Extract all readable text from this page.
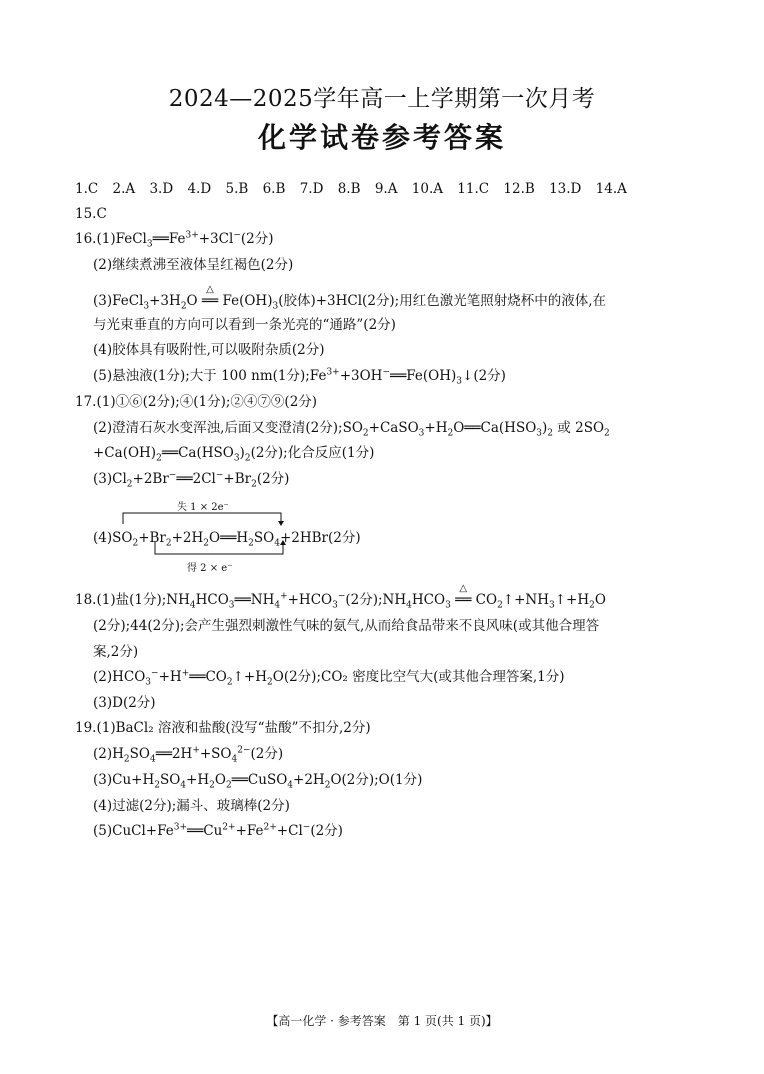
2024—2025学年高一上学期第一次月考
化学试卷参考答案
1.C 2.A 3.D 4.D 5.B 6.B 7.D 8.B 9.A 10.A 11.C 12.B 13.D 14.A
15.C
$16.(1)FeCl_3══Fe^{3+}+3Cl^-(2$分)
(2)继续煮沸至液体呈红褐色(2分)
$(3)FeCl_3+3H_2O$
△
══ $Fe(OH)_3$(胶体)+3HCl(2分);用红色激光笔照射烧杯中的液体,在
与光束垂直的方向可以看到一条光亮的“通路”(2分)
(4)胶体具有吸附性,可以吸附杂质(2分)
(5)悬浊液(1分);大于 100 nm(1分)$;Fe^{3+}+3OH^-══Fe(OH)_3↓(2$分)
17.(1)①⑥(2分);④(1分);②④⑦⑨(2分)
(2)澄清石灰水变浑浊,后面又变澄清(2分)$;SO_2+CaSO_3+H_2O══Ca(HSO_3)_2$ 或 $2SO_2$
$+Ca(OH)_2══Ca(HSO_3)_2(2$分);化合反应(1分)
$(3)Cl_2+2Br^-══2Cl^-+Br_2(2$分)
失 1 × 2e⁻
得 2 × e⁻
$(4)SO_2+Br_2+2H_2O══H_2SO_4+2HBr(2$分)
18.(1)盐(1分)$;NH_4HCO_3══NH_4^++HCO_3^-(2$分)$;NH_4HCO_3$
△
══ $CO_2↑+NH_3↑+H_2O$
(2分);44(2分);会产生强烈刺激性气味的氨气,从而给食品带来不良风味(或其他合理答
案,2分)
$(2)HCO_3^-+H^+══CO_2↑+H_2O(2$分);CO₂ 密度比空气大(或其他合理答案,1分)
(3)D(2分)
19.(1)BaCl₂ 溶液和盐酸(没写“盐酸”不扣分,2分)
$(2)H_2SO_4══2H^++SO_4^{2-}(2$分)
$(3)Cu+H_2SO_4+H_2O_2══CuSO_4+2H_2O(2$分);O(1分)
(4)过滤(2分);漏斗、玻璃棒(2分)
$(5)CuCl+Fe^{3+}══Cu^{2+}+Fe^{2+}+Cl^-(2$分)
【高一化学 · 参考答案　第 1 页(共 1 页)】
